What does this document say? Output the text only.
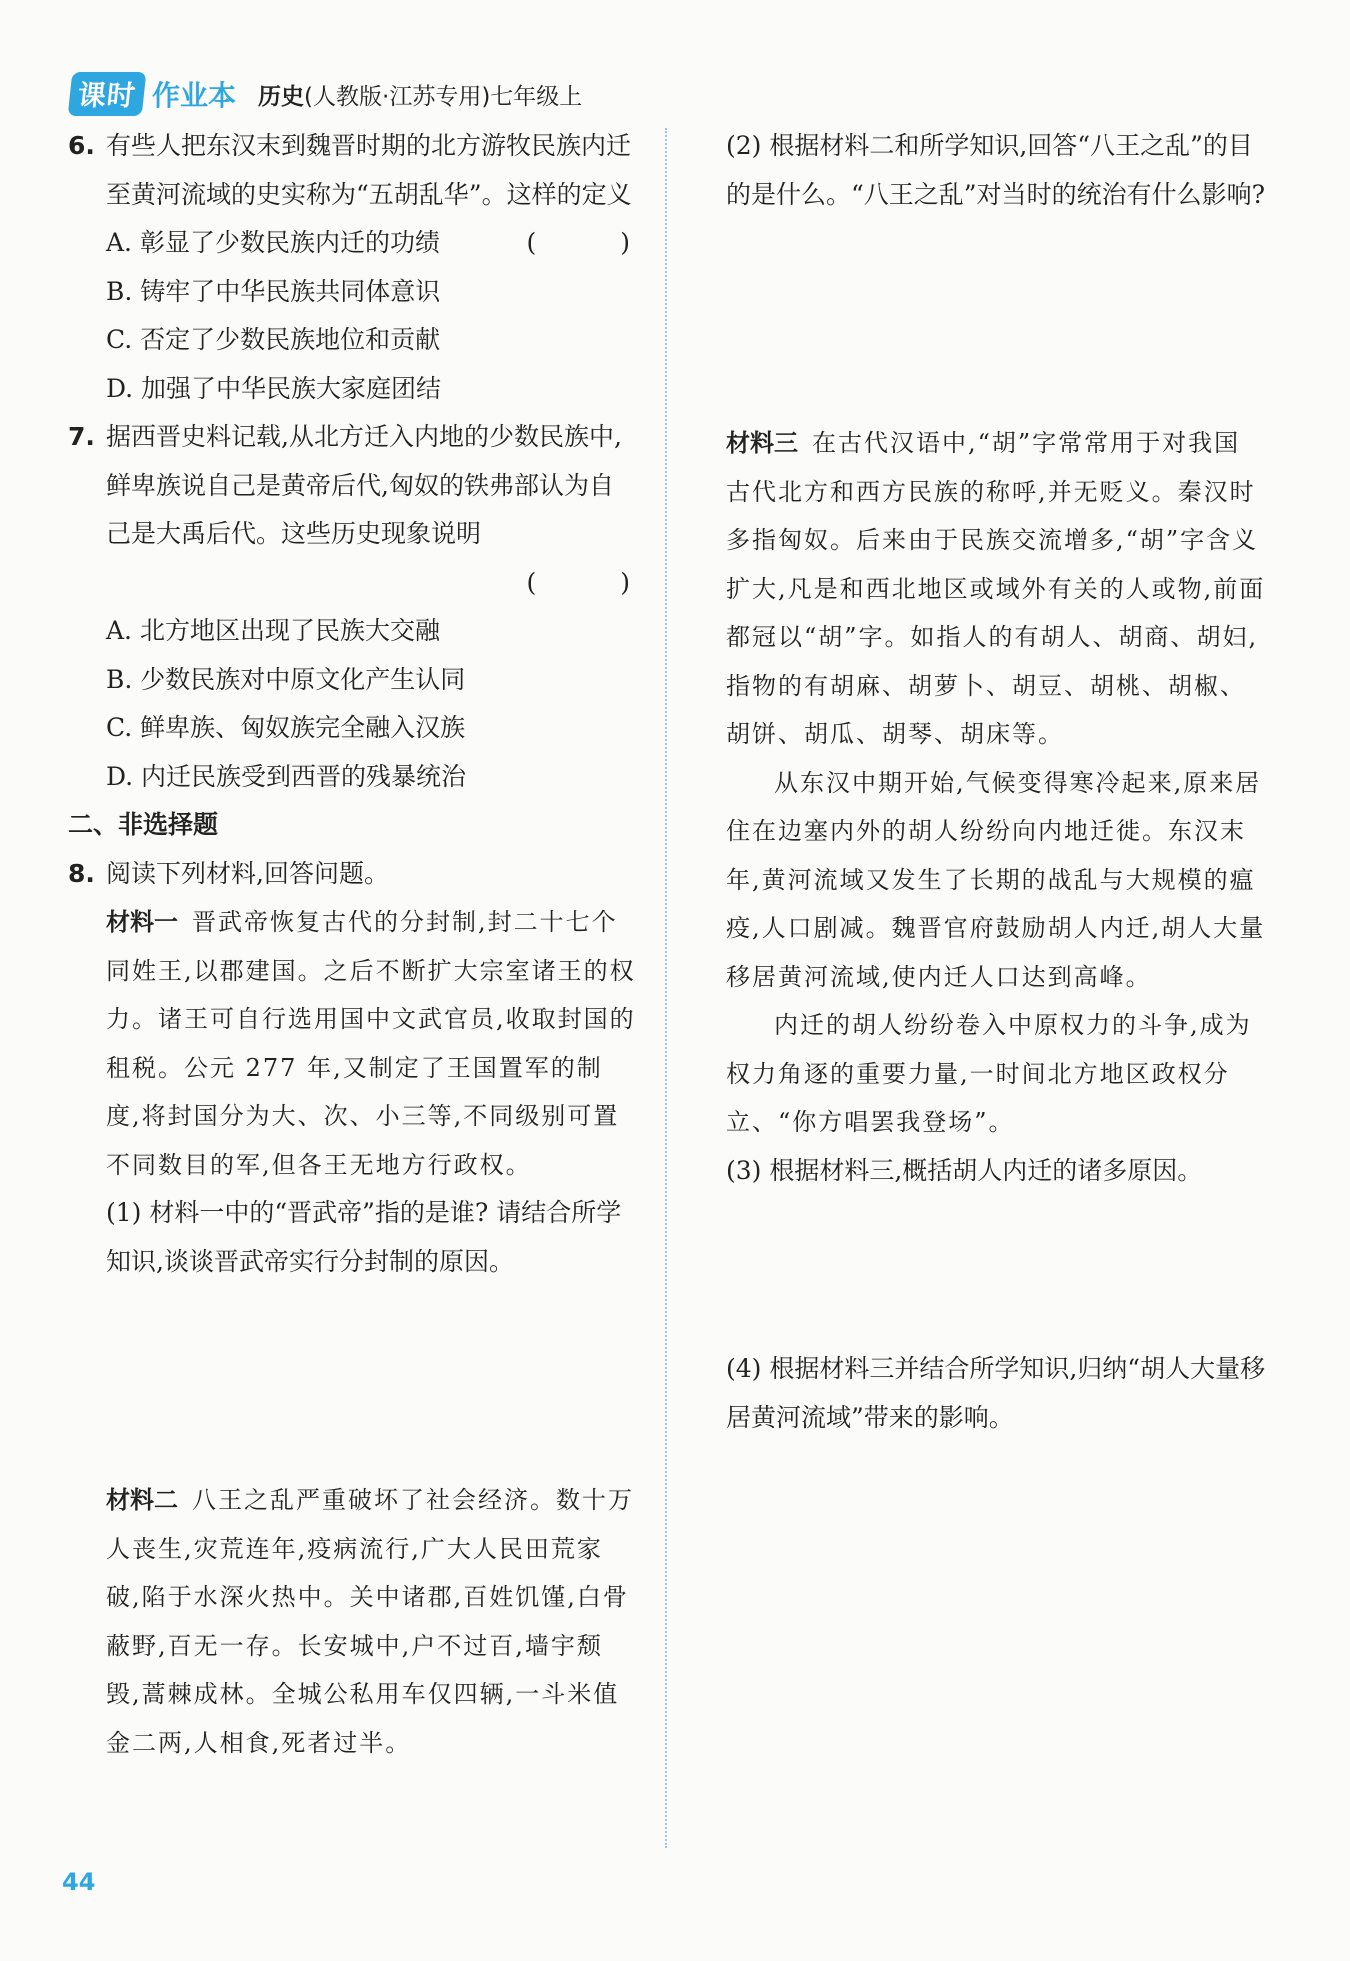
课时 作业本 历史(人教版·江苏专用)七年级上
6. 有些人把东汉末到魏晋时期的北方游牧民族内迁至黄河流域的史实称为“五胡乱华”。这样的定义
( )
A. 彰显了少数民族内迁的功绩
B. 铸牢了中华民族共同体意识
C. 否定了少数民族地位和贡献
D. 加强了中华民族大家庭团结
7. 据西晋史料记载,从北方迁入内地的少数民族中,鲜卑族说自己是黄帝后代,匈奴的铁弗部认为自己是大禹后代。这些历史现象说明
( )
A. 北方地区出现了民族大交融
B. 少数民族对中原文化产生认同
C. 鲜卑族、匈奴族完全融入汉族
D. 内迁民族受到西晋的残暴统治
二、非选择题
8. 阅读下列材料,回答问题。
材料一 晋武帝恢复古代的分封制,封二十七个同姓王,以郡建国。之后不断扩大宗室诸王的权力。诸王可自行选用国中文武官员,收取封国的租税。公元 277 年,又制定了王国置军的制度,将封国分为大、次、小三等,不同级别可置不同数目的军,但各王无地方行政权。
(1) 材料一中的“晋武帝”指的是谁? 请结合所学知识,谈谈晋武帝实行分封制的原因。
材料二 八王之乱严重破坏了社会经济。数十万人丧生,灾荒连年,疫病流行,广大人民田荒家破,陷于水深火热中。关中诸郡,百姓饥馑,白骨蔽野,百无一存。长安城中,户不过百,墙宇颓毁,蒿棘成林。全城公私用车仅四辆,一斗米值金二两,人相食,死者过半。
(2) 根据材料二和所学知识,回答“八王之乱”的目的是什么。“八王之乱”对当时的统治有什么影响?
材料三 在古代汉语中,“胡”字常常用于对我国古代北方和西方民族的称呼,并无贬义。秦汉时多指匈奴。后来由于民族交流增多,“胡”字含义扩大,凡是和西北地区或域外有关的人或物,前面都冠以“胡”字。如指人的有胡人、胡商、胡妇,指物的有胡麻、胡萝卜、胡豆、胡桃、胡椒、胡饼、胡瓜、胡琴、胡床等。
从东汉中期开始,气候变得寒冷起来,原来居住在边塞内外的胡人纷纷向内地迁徙。东汉末年,黄河流域又发生了长期的战乱与大规模的瘟疫,人口剧减。魏晋官府鼓励胡人内迁,胡人大量移居黄河流域,使内迁人口达到高峰。
内迁的胡人纷纷卷入中原权力的斗争,成为权力角逐的重要力量,一时间北方地区政权分立、“你方唱罢我登场”。
(3) 根据材料三,概括胡人内迁的诸多原因。
(4) 根据材料三并结合所学知识,归纳“胡人大量移居黄河流域”带来的影响。
44
